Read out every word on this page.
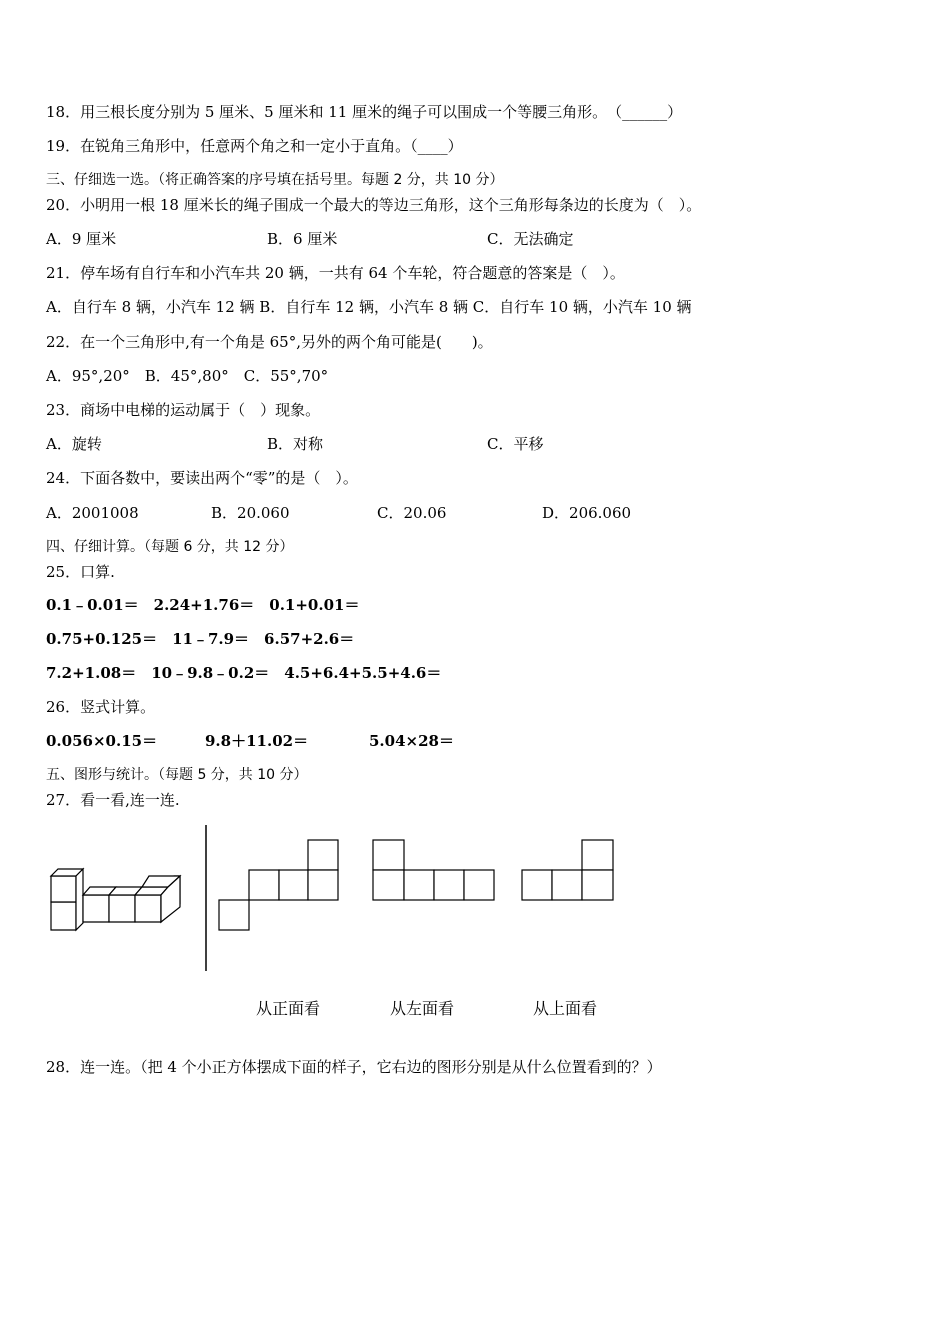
18．用三根长度分别为 5 厘米、5 厘米和 11 厘米的绳子可以围成一个等腰三角形。　（______）
19．在锐角三角形中，任意两个角之和一定小于直角。（____）
三、仔细选一选。（将正确答案的序号填在括号里。每题 2 分，共 10 分）
20．小明用一根 18 厘米长的绳子围成一个最大的等边三角形，这个三角形每条边的长度为（　）。
A．9 厘米	B．6 厘米	C．无法确定
21．停车场有自行车和小汽车共 20 辆，一共有 64 个车轮，符合题意的答案是（　）。
A．自行车 8 辆，小汽车 12 辆 B．自行车 12 辆，小汽车 8 辆 C．自行车 10 辆，小汽车 10 辆
22．在一个三角形中,有一个角是 65°,另外的两个角可能是(　　)。
A．95°,20°　B．45°,80°　C．55°,70°
23．商场中电梯的运动属于（　）现象。
A．旋转	B．对称	C．平移
24．下面各数中，要读出两个“零”的是（　）。
A．2001008	B．20.060	C．20.06	D．206.060
四、仔细计算。（每题 6 分，共 12 分）
25．口算.
0.1﹣0.01＝　2.24+1.76＝　0.1+0.01＝
0.75+0.125＝　11﹣7.9＝　6.57+2.6＝
7.2+1.08＝　10﹣9.8﹣0.2＝　4.5+6.4+5.5+4.6＝
26．竖式计算。
0.056×0.15＝	9.8＋11.02＝	5.04×28＝
五、图形与统计。（每题 5 分，共 10 分）
27．看一看,连一连.
从正面看	从左面看	从上面看
28．连一连。（把 4 个小正方体摆成下面的样子，它右边的图形分别是从什么位置看到的？）
